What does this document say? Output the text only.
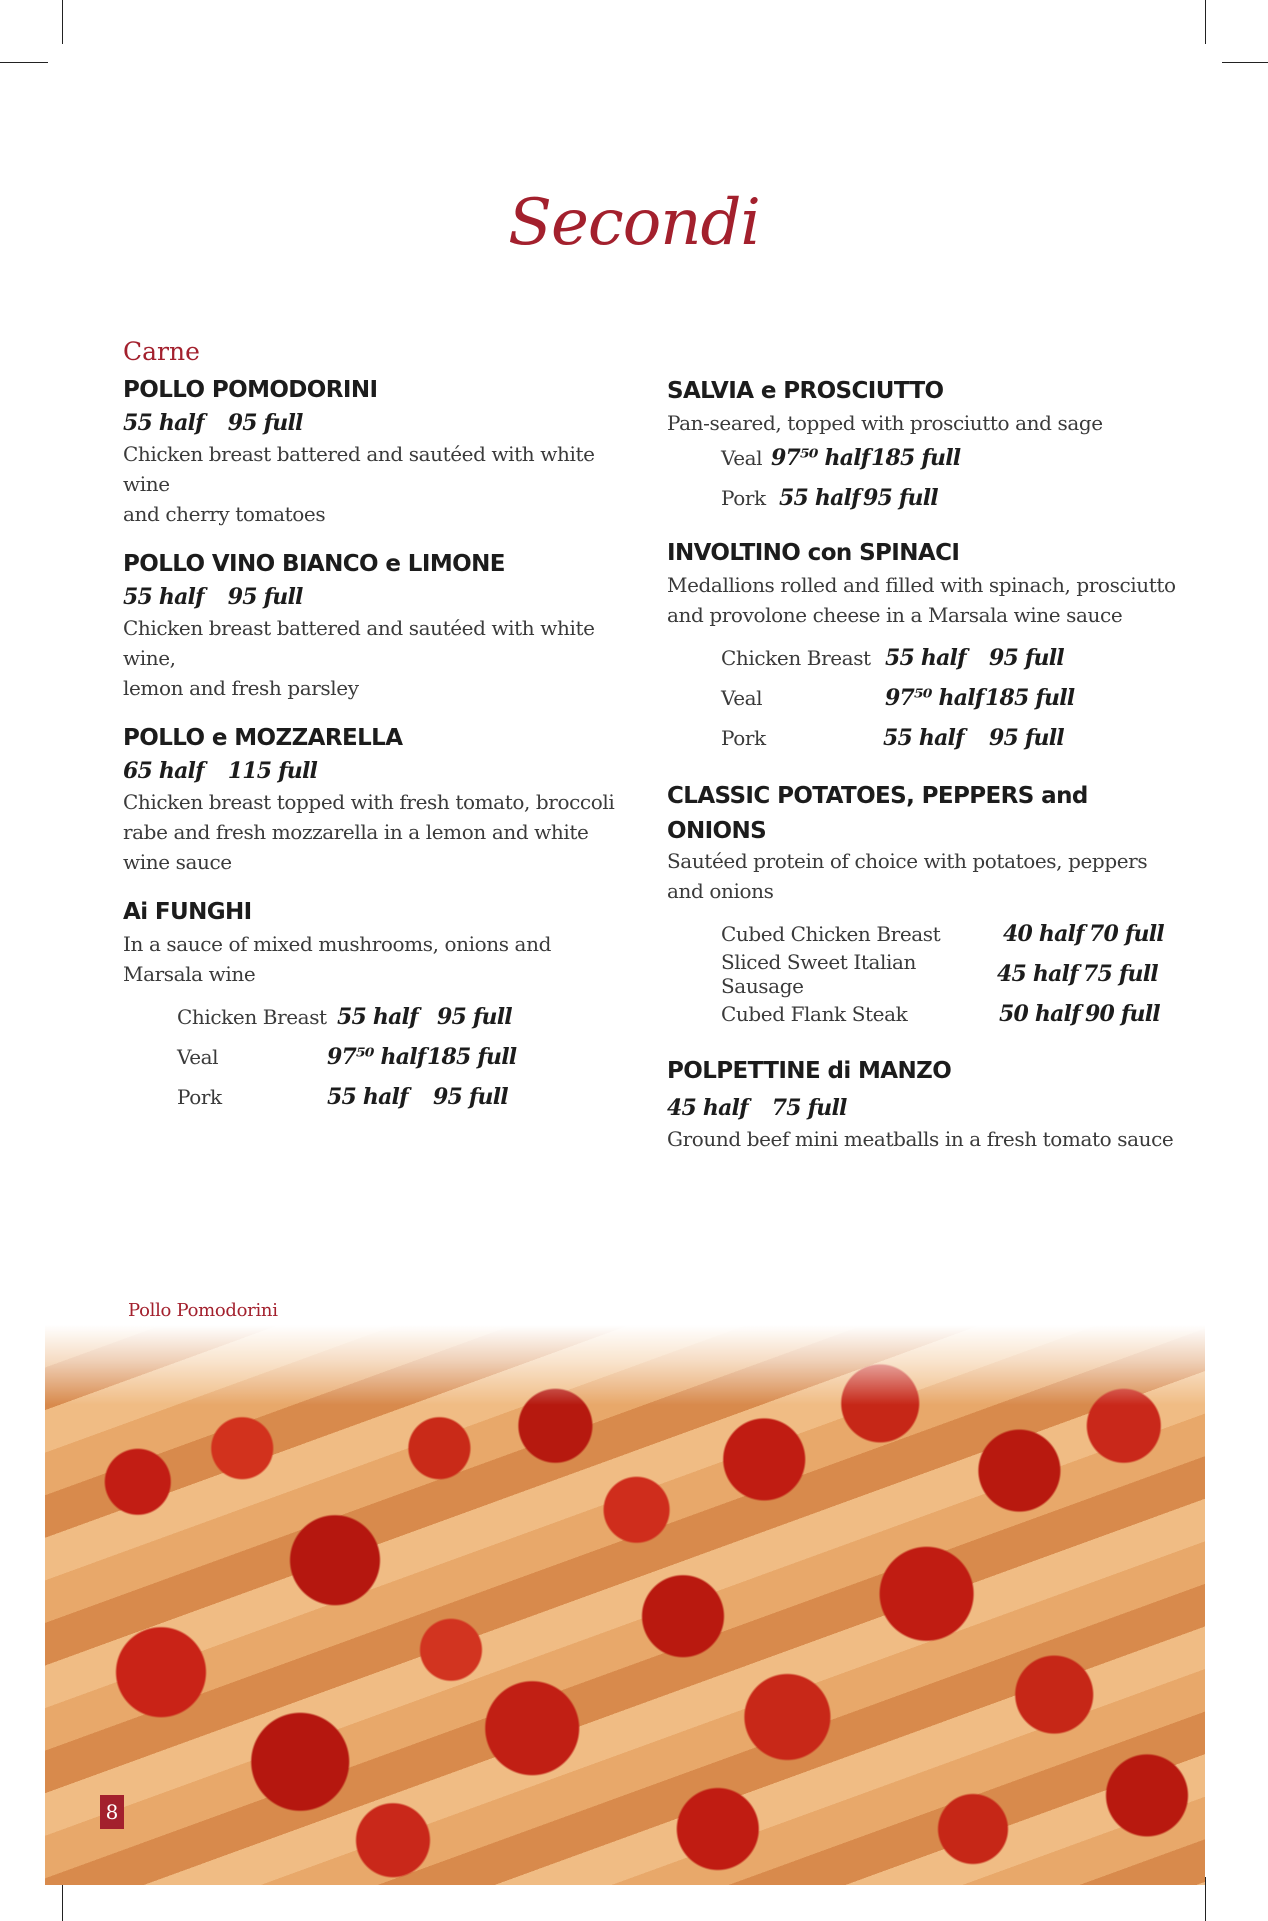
Secondi
Carne
POLLO POMODORINI
55 half 95 full
Chicken breast battered and sautéed with white wine
and cherry tomatoes
POLLO VINO BIANCO e LIMONE
55 half 95 full
Chicken breast battered and sautéed with white wine,
lemon and fresh parsley
POLLO e MOZZARELLA
65 half 115 full
Chicken breast topped with fresh tomato, broccoli
rabe and fresh mozzarella in a lemon and white
wine sauce
Ai FUNGHI
In a sauce of mixed mushrooms, onions and
Marsala wine
Chicken Breast 55 half 95 full
Veal	97⁵⁰ half 185 full
Pork	55 half	95 full
SALVIA e PROSCIUTTO
Pan-seared, topped with prosciutto and sage
Veal 97⁵⁰ half 185 full
Pork 55 half 95 full
INVOLTINO con SPINACI
Medallions rolled and filled with spinach, prosciutto
and provolone cheese in a Marsala wine sauce
Chicken Breast 55 half	95 full
Veal	97⁵⁰ half 185 full
Pork	55 half	95 full
CLASSIC POTATOES, PEPPERS and
ONIONS
Sautéed protein of choice with potatoes, peppers
and onions
Cubed Chicken Breast	40 half 70 full
Sliced Sweet Italian Sausage	45 half 75 full
Cubed Flank Steak	50 half 90 full
POLPETTINE di MANZO
45 half 75 full
Ground beef mini meatballs in a fresh tomato sauce
Pollo Pomodorini
8
